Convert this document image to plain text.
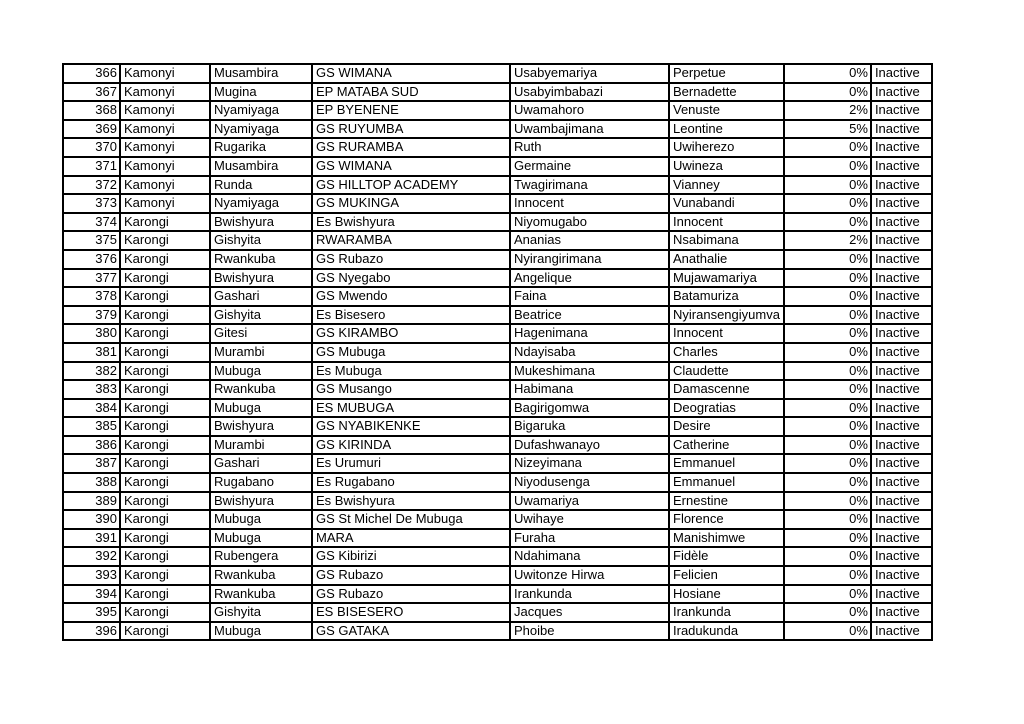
366	Kamonyi	Musambira	GS WIMANA	Usabyemariya	Perpetue	0%	Inactive
367	Kamonyi	Mugina	EP MATABA SUD	Usabyimbabazi	Bernadette	0%	Inactive
368	Kamonyi	Nyamiyaga	EP BYENENE	Uwamahoro	Venuste	2%	Inactive
369	Kamonyi	Nyamiyaga	GS RUYUMBA	Uwambajimana	Leontine	5%	Inactive
370	Kamonyi	Rugarika	GS RURAMBA	Ruth	Uwiherezo	0%	Inactive
371	Kamonyi	Musambira	GS WIMANA	Germaine	Uwineza	0%	Inactive
372	Kamonyi	Runda	GS HILLTOP ACADEMY	Twagirimana	Vianney	0%	Inactive
373	Kamonyi	Nyamiyaga	GS MUKINGA	Innocent	Vunabandi	0%	Inactive
374	Karongi	Bwishyura	Es Bwishyura	Niyomugabo	Innocent	0%	Inactive
375	Karongi	Gishyita	RWARAMBA	Ananias	Nsabimana	2%	Inactive
376	Karongi	Rwankuba	GS Rubazo	Nyirangirimana	Anathalie	0%	Inactive
377	Karongi	Bwishyura	GS Nyegabo	Angelique	Mujawamariya	0%	Inactive
378	Karongi	Gashari	GS Mwendo	Faina	Batamuriza	0%	Inactive
379	Karongi	Gishyita	Es Bisesero	Beatrice	Nyiransengiyumva	0%	Inactive
380	Karongi	Gitesi	GS KIRAMBO	Hagenimana	Innocent	0%	Inactive
381	Karongi	Murambi	GS Mubuga	Ndayisaba	Charles	0%	Inactive
382	Karongi	Mubuga	Es Mubuga	Mukeshimana	Claudette	0%	Inactive
383	Karongi	Rwankuba	GS Musango	Habimana	Damascenne	0%	Inactive
384	Karongi	Mubuga	ES MUBUGA	Bagirigomwa	Deogratias	0%	Inactive
385	Karongi	Bwishyura	GS NYABIKENKE	Bigaruka	Desire	0%	Inactive
386	Karongi	Murambi	GS KIRINDA	Dufashwanayo	Catherine	0%	Inactive
387	Karongi	Gashari	Es Urumuri	Nizeyimana	Emmanuel	0%	Inactive
388	Karongi	Rugabano	Es Rugabano	Niyodusenga	Emmanuel	0%	Inactive
389	Karongi	Bwishyura	Es Bwishyura	Uwamariya	Ernestine	0%	Inactive
390	Karongi	Mubuga	GS St Michel De Mubuga	Uwihaye	Florence	0%	Inactive
391	Karongi	Mubuga	MARA	Furaha	Manishimwe	0%	Inactive
392	Karongi	Rubengera	GS Kibirizi	Ndahimana	Fidèle	0%	Inactive
393	Karongi	Rwankuba	GS Rubazo	Uwitonze Hirwa	Felicien	0%	Inactive
394	Karongi	Rwankuba	GS Rubazo	Irankunda	Hosiane	0%	Inactive
395	Karongi	Gishyita	ES BISESERO	Jacques	Irankunda	0%	Inactive
396	Karongi	Mubuga	GS GATAKA	Phoibe	Iradukunda	0%	Inactive
